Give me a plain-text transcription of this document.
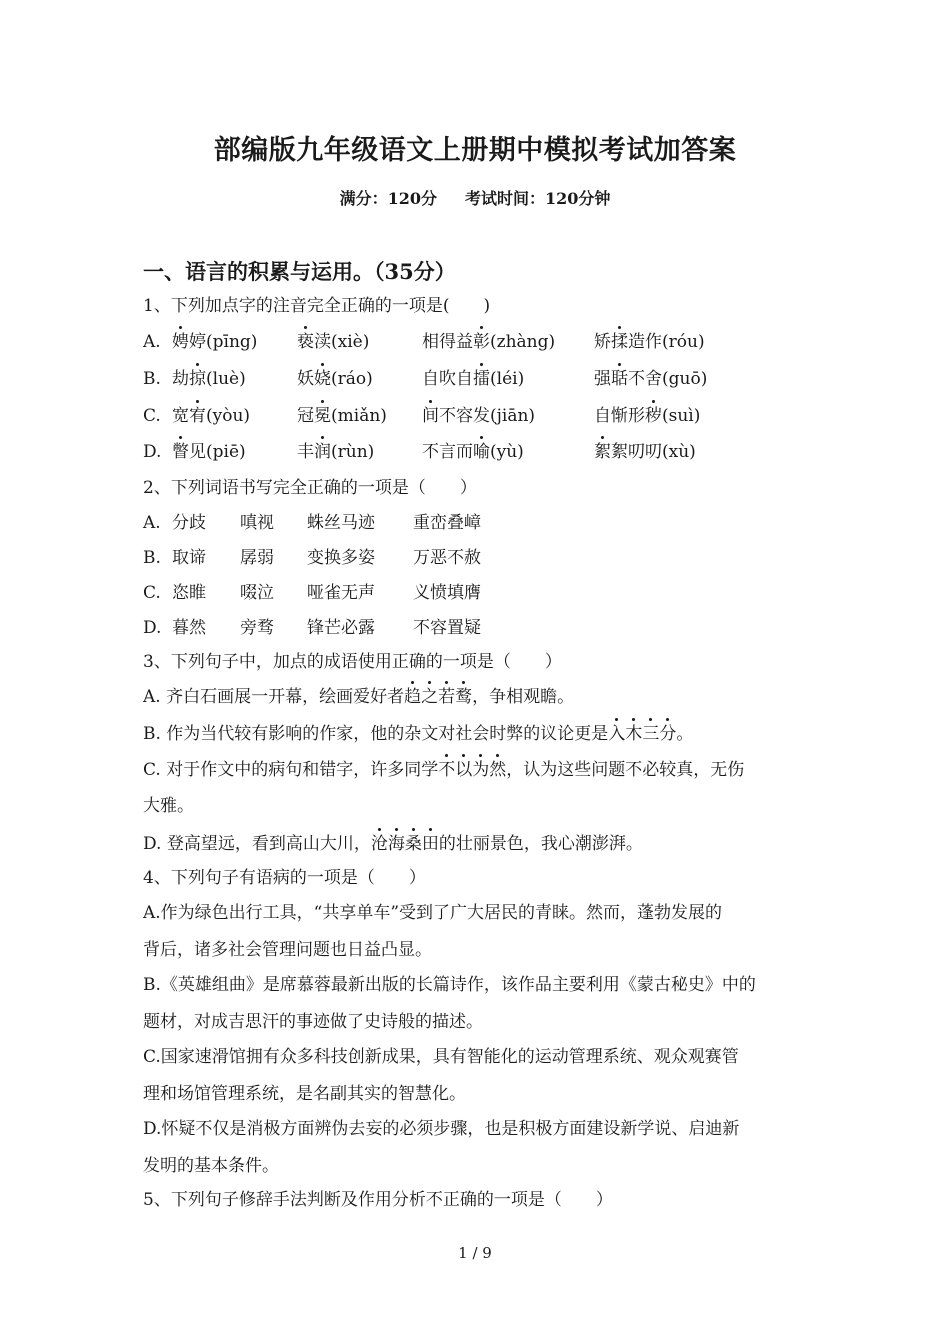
部编版九年级语文上册期中模拟考试加答案
满分：120分 考试时间：120分钟
一、语言的积累与运用。（35分）
1、下列加点字的注音完全正确的一项是(　　)
A. 娉婷(pīng) 亵渎(xiè)	相得益彰(zhàng) 矫揉造作(róu)
B. 劫掠(luè)	妖娆(ráo)	自吹自擂(léi)	强聒不舍(guō)
C. 宽宥(yòu)	冠冕(miǎn) 间不容发(jiān)	自惭形秽(suì)
D. 瞥见(piē)	丰润(rùn)	不言而喻(yù)	絮絮叨叨(xù)
2、下列词语书写完全正确的一项是（　　）
A. 分歧 嗔视 蛛丝马迹 重峦叠嶂
B. 取谛 孱弱 变换多姿 万恶不赦
C. 恣睢 啜泣 哑雀无声 义愤填膺
D. 暮然 旁骛 锋芒必露 不容置疑
3、下列句子中，加点的成语使用正确的一项是（　　）
A. 齐白石画展一开幕，绘画爱好者趋之若鹜，争相观瞻。
B. 作为当代较有影响的作家，他的杂文对社会时弊的议论更是入木三分。
C. 对于作文中的病句和错字，许多同学不以为然，认为这些问题不必较真，无伤
大雅。
D. 登高望远，看到高山大川，沧海桑田的壮丽景色，我心潮澎湃。
4、下列句子有语病的一项是（　　）
A.作为绿色出行工具，“共享单车”受到了广大居民的青睐。然而，蓬勃发展的
背后，诸多社会管理问题也日益凸显。
B.《英雄组曲》是席慕蓉最新出版的长篇诗作，该作品主要利用《蒙古秘史》中的
题材，对成吉思汗的事迹做了史诗般的描述。
C.国家速滑馆拥有众多科技创新成果，具有智能化的运动管理系统、观众观赛管
理和场馆管理系统，是名副其实的智慧化。
D.怀疑不仅是消极方面辨伪去妄的必须步骤，也是积极方面建设新学说、启迪新
发明的基本条件。
5、下列句子修辞手法判断及作用分析不正确的一项是（　　）
1 / 9
